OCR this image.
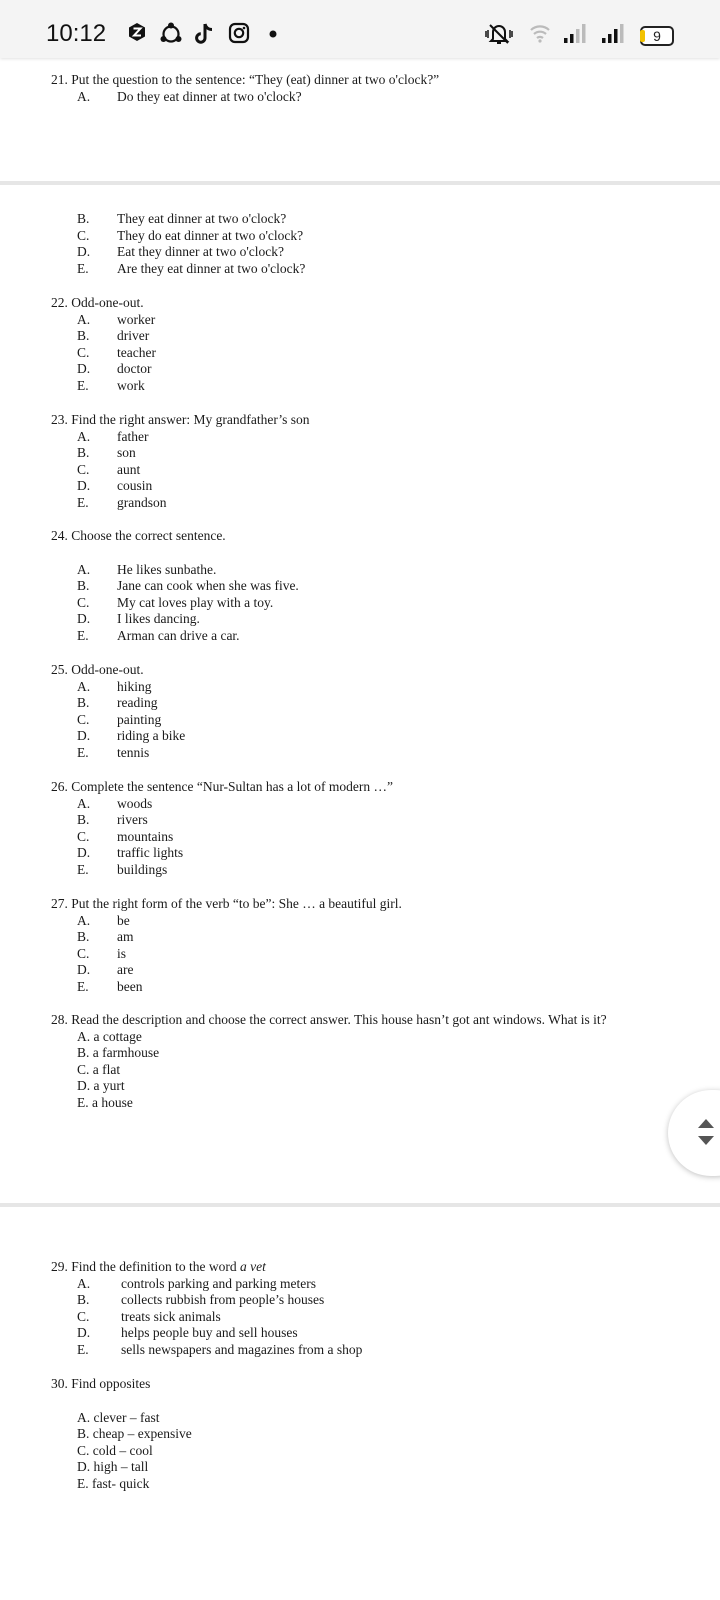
10:12	9

21. Put the question to the sentence: “They (eat) dinner at two o'clock?”

A. Do they eat dinner at two o'clock?
B. They eat dinner at two o'clock?
C. They do eat dinner at two o'clock?
D. Eat they dinner at two o'clock?
E. Are they eat dinner at two o'clock?

22. Odd-one-out.

A. worker
B. driver
C. teacher
D. doctor
E. work

23. Find the right answer: My grandfather’s son

A. father
B. son
C. aunt
D. cousin
E. grandson

24. Choose the correct sentence.

A. He likes sunbathe.
B. Jane can cook when she was five.
C. My cat loves play with a toy.
D. I likes dancing.
E. Arman can drive a car.

25. Odd-one-out.

A. hiking
B. reading
C. painting
D. riding a bike
E. tennis

26. Complete the sentence “Nur-Sultan has a lot of modern …”

A. woods
B. rivers
C. mountains
D. traffic lights
E. buildings

27. Put the right form of the verb “to be”: She … a beautiful girl.

A. be
B. am
C. is
D. are
E. been

28. Read the description and choose the correct answer. This house hasn’t got ant windows. What is it?

A. a cottage
B. a farmhouse
C. a flat
D. a yurt
E. a house

29. Find the definition to the word a vet

A. controls parking and parking meters
B. collects rubbish from people’s houses
C. treats sick animals
D. helps people buy and sell houses
E. sells newspapers and magazines from a shop

30. Find opposites

A. clever – fast
B. cheap – expensive
C. cold – cool
D. high – tall
E. fast- quick
